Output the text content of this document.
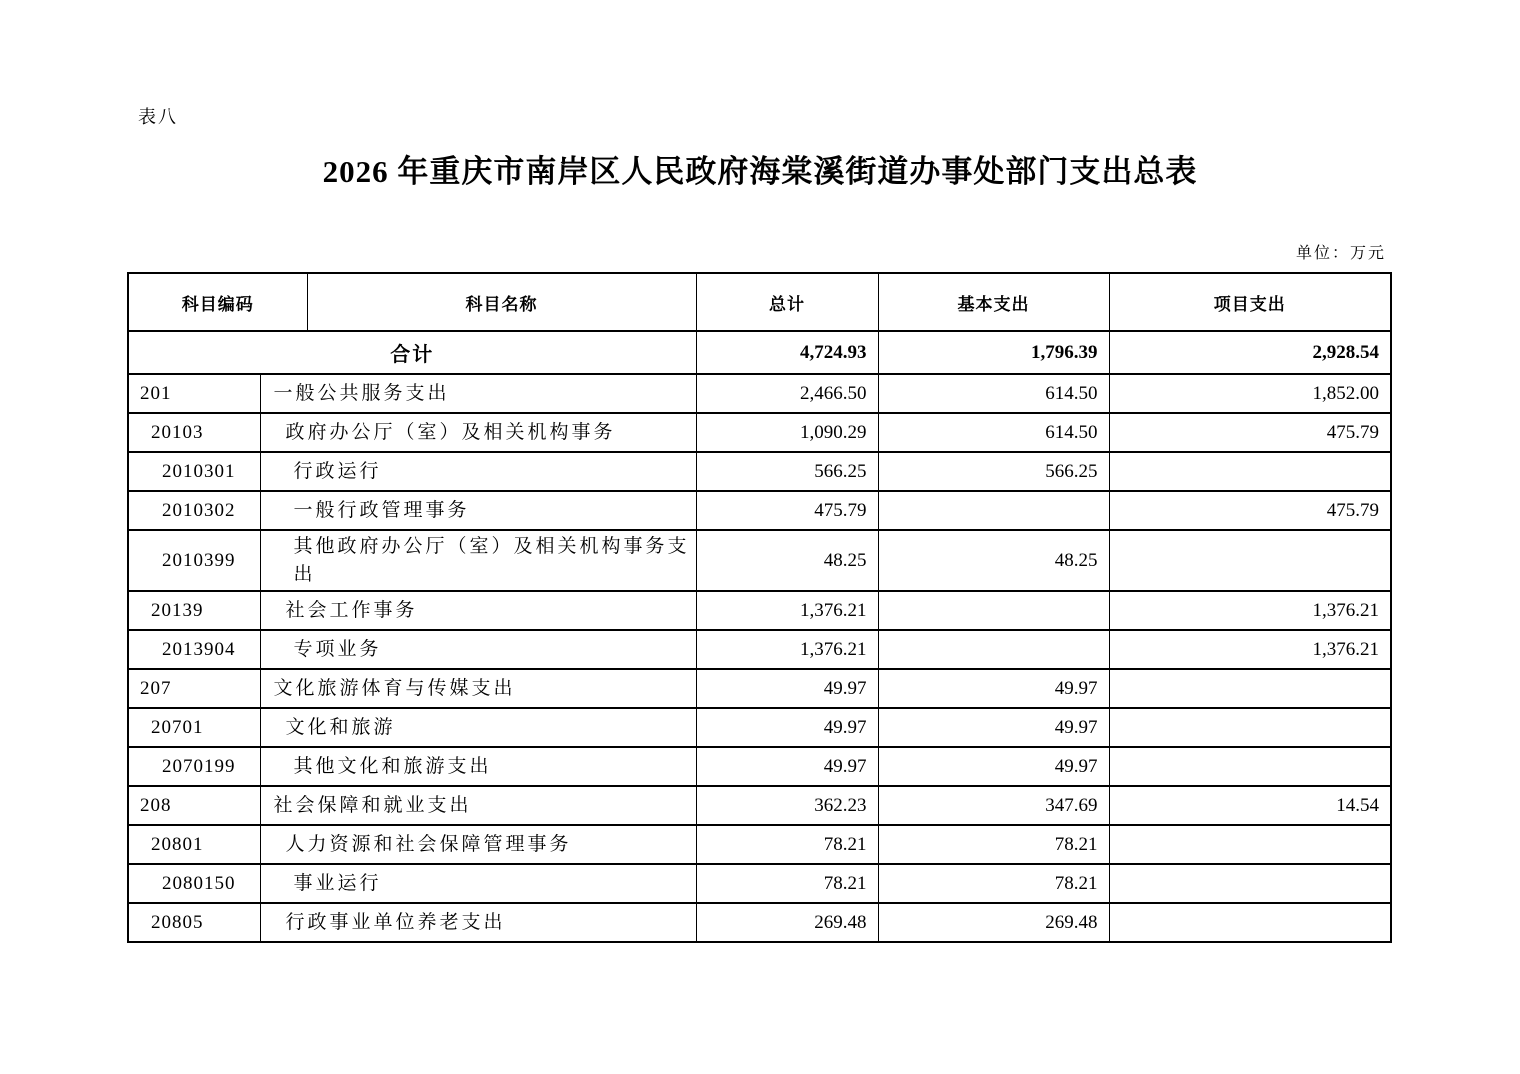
表八
2026 年重庆市南岸区人民政府海棠溪街道办事处部门支出总表
单位：万元
科目编码		科目名称	总计	基本支出	项目支出
合计			4,724.93	1,796.39	2,928.54
201	一般公共服务支出		2,466.50	614.50	1,852.00
20103	政府办公厅（室）及相关机构事务		1,090.29	614.50	475.79
2010301	行政运行		566.25	566.25	
2010302	一般行政管理事务		475.79		475.79
2010399	其他政府办公厅（室）及相关机构事务支出		48.25	48.25	
20139	社会工作事务		1,376.21		1,376.21
2013904	专项业务		1,376.21		1,376.21
207	文化旅游体育与传媒支出		49.97	49.97	
20701	文化和旅游		49.97	49.97	
2070199	其他文化和旅游支出		49.97	49.97	
208	社会保障和就业支出		362.23	347.69	14.54
20801	人力资源和社会保障管理事务		78.21	78.21	
2080150	事业运行		78.21	78.21	
20805	行政事业单位养老支出		269.48	269.48	
